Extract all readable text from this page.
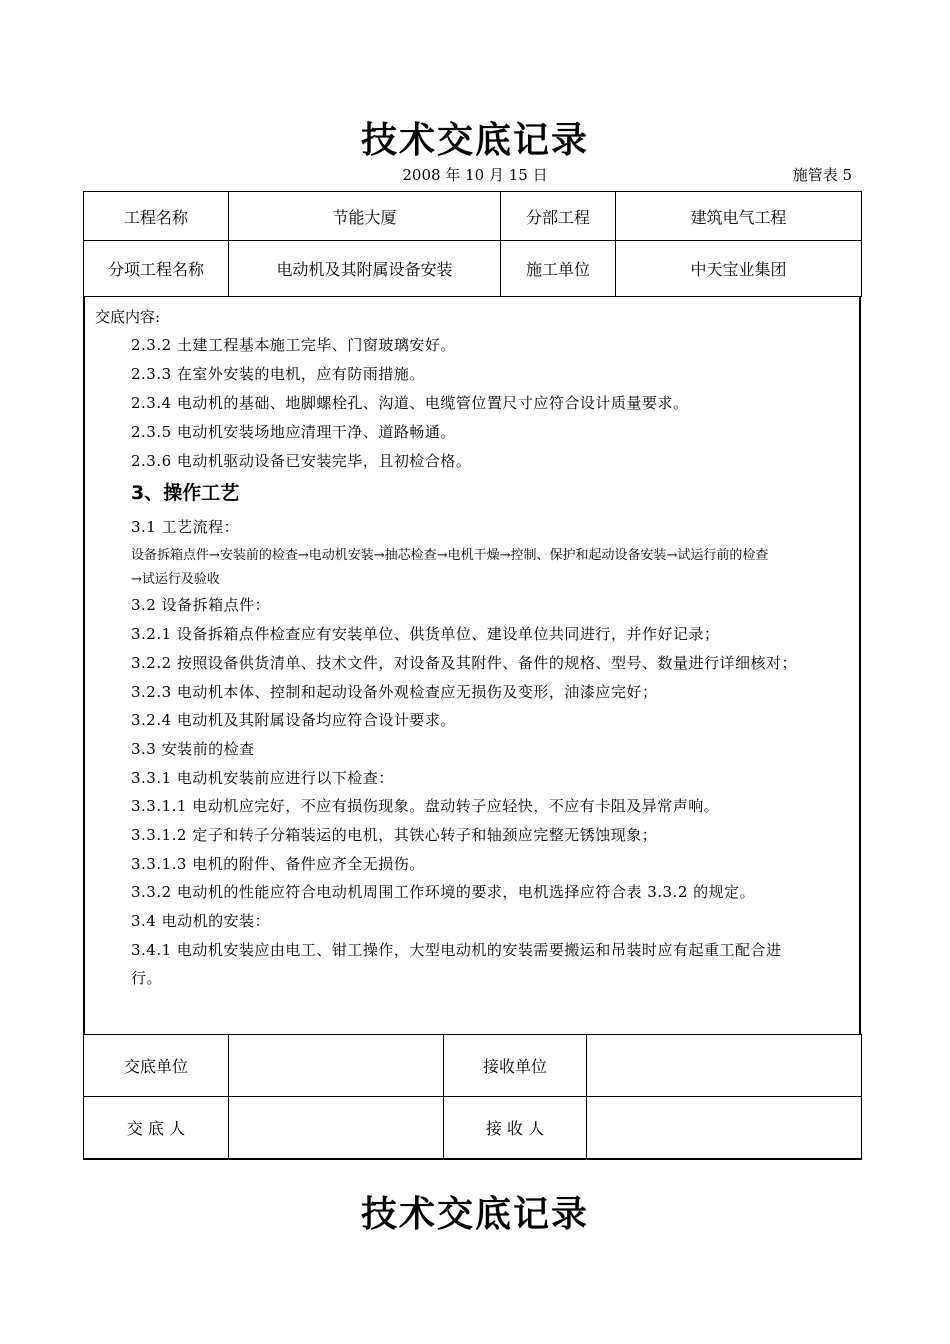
技术交底记录
2008 年 10 月 15 日	施管表 5
工程名称	节能大厦	分部工程	建筑电气工程
分项工程名称	电动机及其附属设备安装	施工单位	中天宝业集团
交底内容:
2.3.2 土建工程基本施工完毕、门窗玻璃安好。
2.3.3 在室外安装的电机，应有防雨措施。
2.3.4 电动机的基础、地脚螺栓孔、沟道、电缆管位置尺寸应符合设计质量要求。
2.3.5 电动机安装场地应清理干净、道路畅通。
2.3.6 电动机驱动设备已安装完毕，且初检合格。
3、操作工艺
3.1 工艺流程：
设备拆箱点件→安装前的检查→电动机安装→抽芯检查→电机干燥→控制、保护和起动设备安装→试运行前的检查
→试运行及验收
3.2 设备拆箱点件：
3.2.1 设备拆箱点件检查应有安装单位、供货单位、建设单位共同进行，并作好记录；
3.2.2 按照设备供货清单、技术文件，对设备及其附件、备件的规格、型号、数量进行详细核对；
3.2.3 电动机本体、控制和起动设备外观检查应无损伤及变形，油漆应完好；
3.2.4 电动机及其附属设备均应符合设计要求。
3.3 安装前的检查
3.3.1 电动机安装前应进行以下检查：
3.3.1.1 电动机应完好，不应有损伤现象。盘动转子应轻快，不应有卡阻及异常声响。
3.3.1.2 定子和转子分箱装运的电机，其铁心转子和轴颈应完整无锈蚀现象；
3.3.1.3 电机的附件、备件应齐全无损伤。
3.3.2 电动机的性能应符合电动机周围工作环境的要求，电机选择应符合表 3.3.2 的规定。
3.4 电动机的安装：
3.4.1 电动机安装应由电工、钳工操作，大型电动机的安装需要搬运和吊装时应有起重工配合进
行。
交底单位		接收单位	
交 底 人		接 收 人	
技术交底记录
